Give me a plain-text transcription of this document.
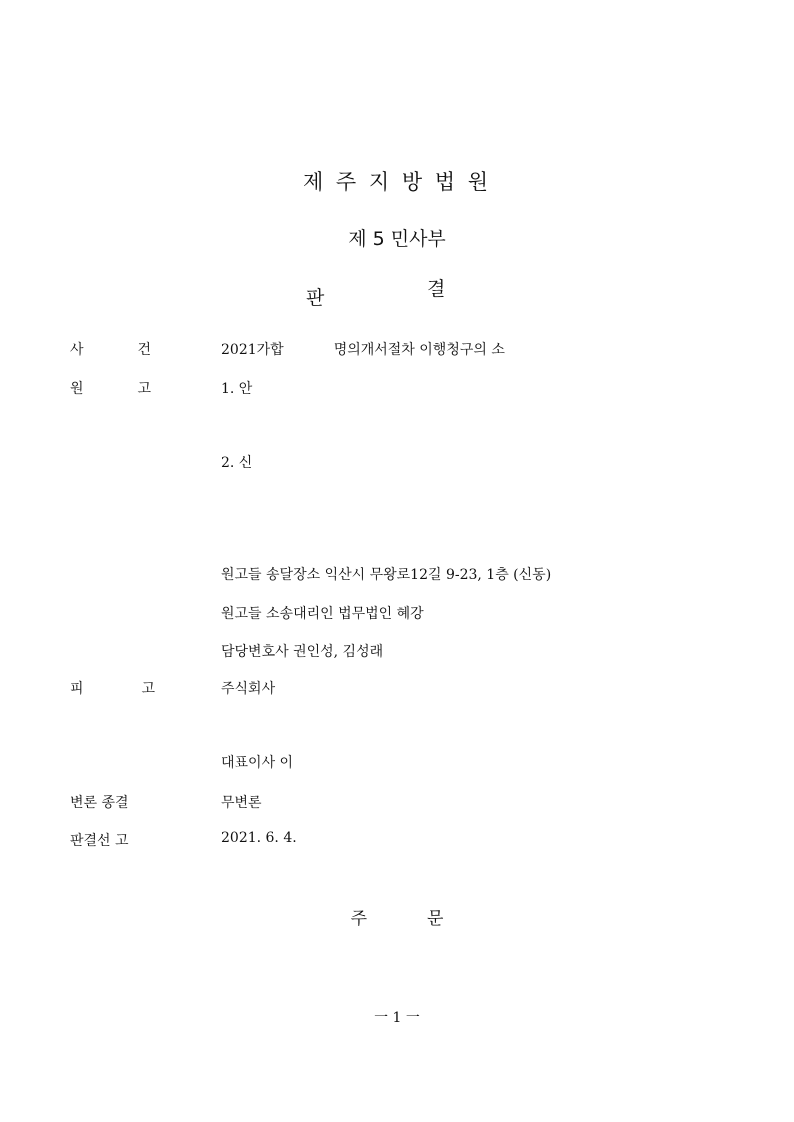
제 주 지 방 법 원
제 5 민사부
판	결
사	건	2021가합	명의개서절차 이행청구의 소
원	고	1. 안
2. 신
원고들 송달장소 익산시 무왕로12길 9-23, 1층 (신동)
원고들 소송대리인 법무법인 혜강
담당변호사 권인성, 김성래
피	고	주식회사
대표이사 이
변론 종결	무변론
판결선 고	2021. 6. 4.
주	문
一 1 一
